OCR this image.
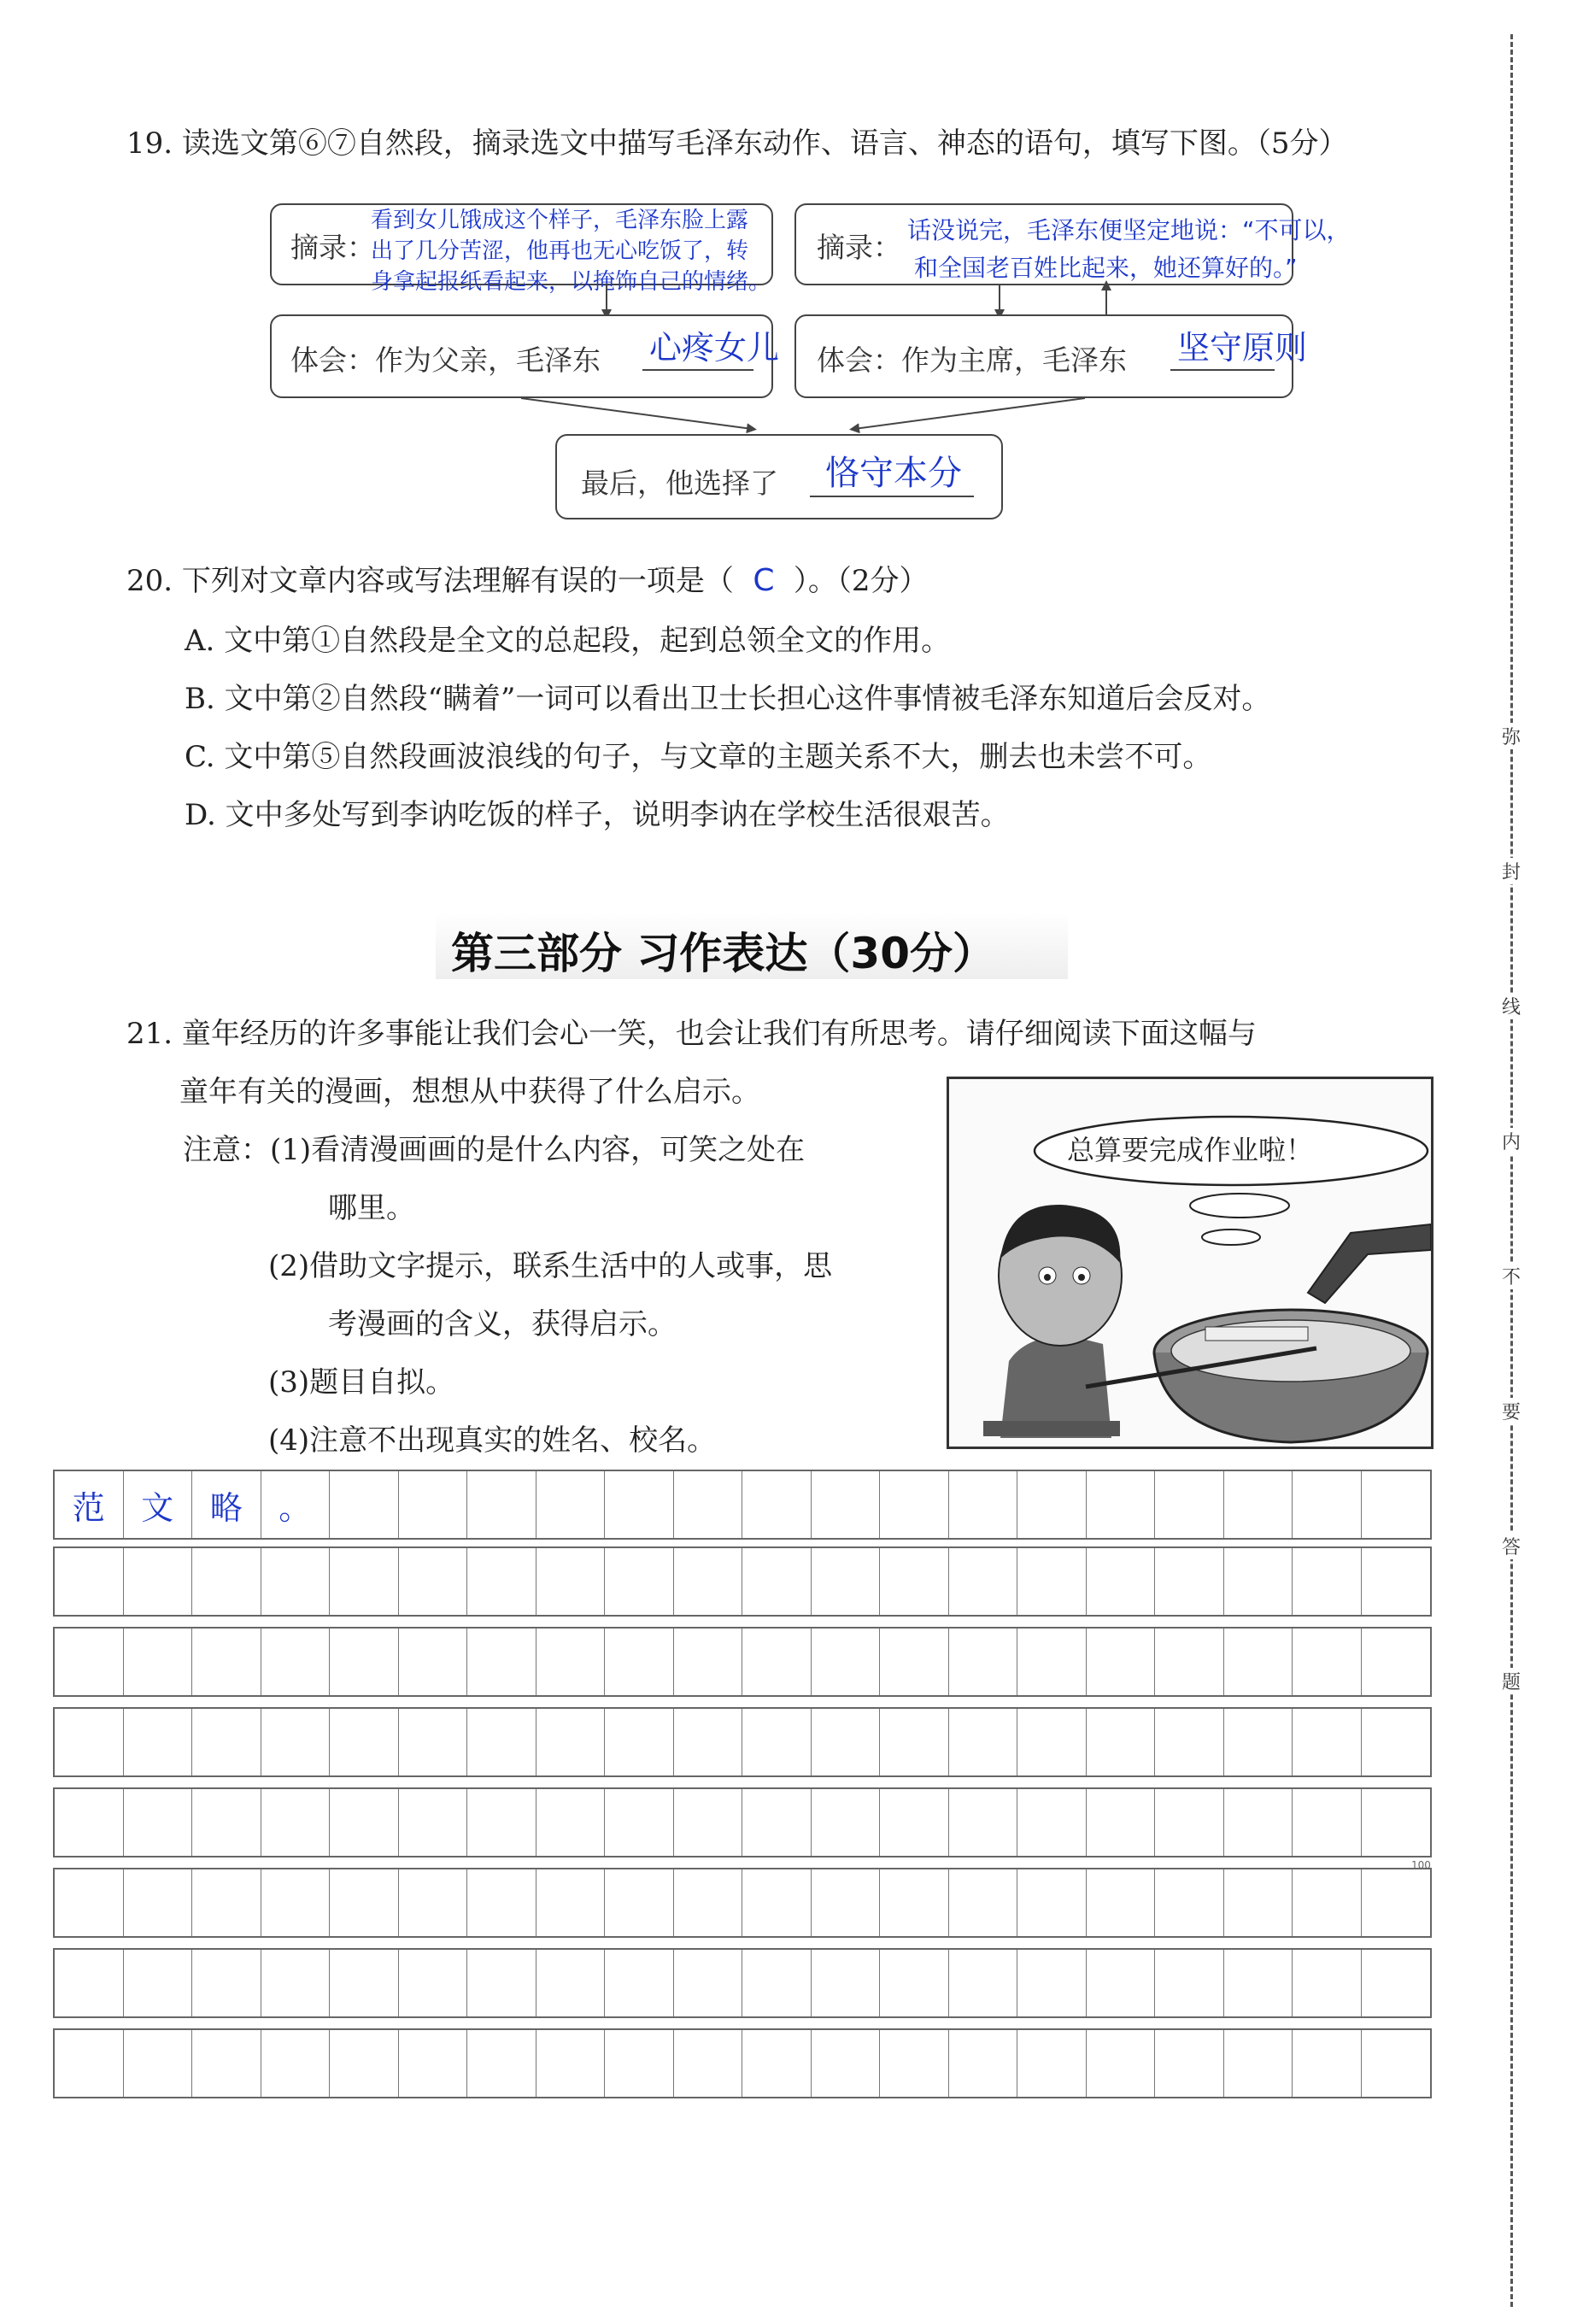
19. 读选文第⑥⑦自然段，摘录选文中描写毛泽东动作、语言、神态的语句，填写下图。（5分）
摘录：
看到女儿饿成这个样子，毛泽东脸上露
出了几分苦涩，他再也无心吃饭了，转
身拿起报纸看起来，以掩饰自己的情绪。
摘录：
话没说完，毛泽东便坚定地说：“不可以，
和全国老百姓比起来，她还算好的。”
体会：作为父亲，毛泽东 心疼女儿 体会：作为主席，毛泽东 坚守原则
最后，他选择了 恪守本分
20. 下列对文章内容或写法理解有误的一项是（ C ）。（2分）
A. 文中第①自然段是全文的总起段，起到总领全文的作用。
B. 文中第②自然段“瞒着”一词可以看出卫士长担心这件事情被毛泽东知道后会反对。
C. 文中第⑤自然段画波浪线的句子，与文章的主题关系不大，删去也未尝不可。
D. 文中多处写到李讷吃饭的样子，说明李讷在学校生活很艰苦。
第三部分 习作表达（30分）
21. 童年经历的许多事能让我们会心一笑，也会让我们有所思考。请仔细阅读下面这幅与
童年有关的漫画，想想从中获得了什么启示。
注意：(1)看清漫画画的是什么内容，可笑之处在
哪里。
(2)借助文字提示，联系生活中的人或事，思
考漫画的含义，获得启示。
(3)题目自拟。
(4)注意不出现真实的姓名、校名。
总算要完成作业啦！
范	文	略	。
100
弥
封
线
内
不
要
答
题
